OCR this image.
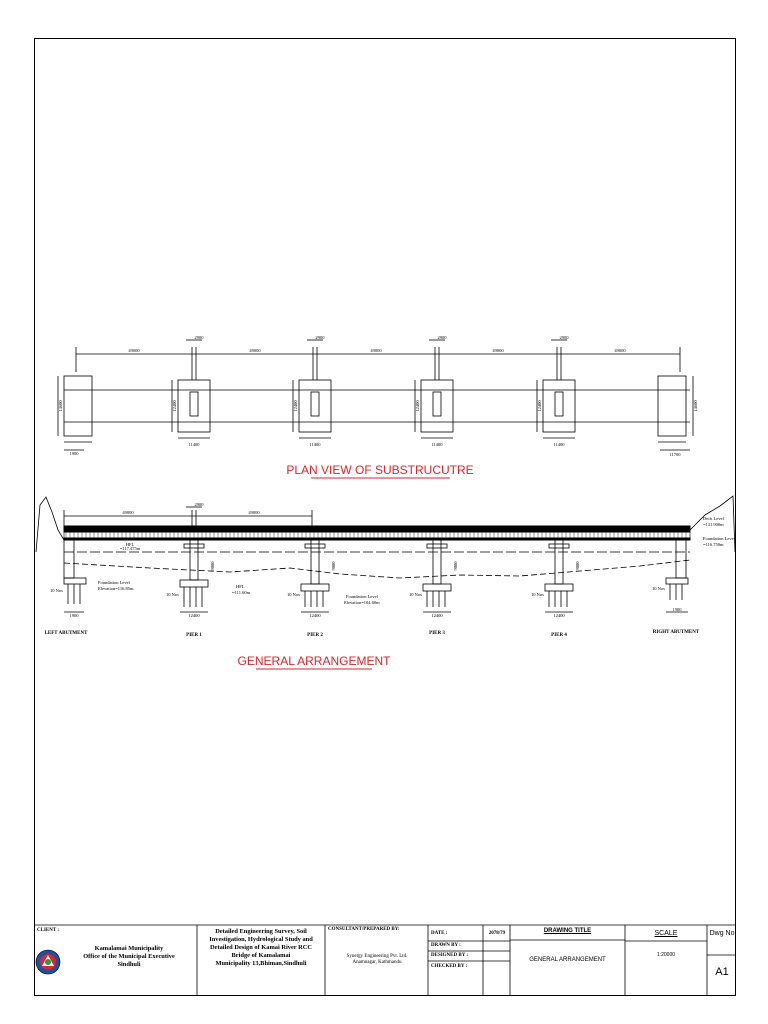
49000	49000	49000	49000	49000
2900	2900	2900	2900
14600	12400	12400	12400	12400	14600
11400	11400	11400	11400
1900	11700
PLAN VIEW OF SUBSTRUCUTRE
49000	49000
2900
HFL
=117.475m
Foundation Level
Elevation=116.85m	HFL
=111.60m
Foundation Level
Elevation=104.60m
Deck Level
=131.900m
Foundation Level
=116.750m
1900
1900
12400	12400	12400	12400
9000	9000	9000	9000
10 Nos
10 Nos	10 Nos	10 Nos	10 Nos
10 Nos
LEFT ABUTMENT	PIER 1	PIER 2	PIER 3	PIER 4
RIGHT ABUTMENT
GENERAL ARRANGEMENT
CLIENT :
Kamalamai Municipality
Office of the Municipal Executive
Sindhuli
Detailed Engineering Survey, Soil
Investigation, Hydrological Study and
Detailed Design of Kamai River RCC
Bridge of Kamalamai
Municipality 13,Bhiman,Sindhuli
CONSULTANT/PREPARED BY:
Synergy Engineering Pvt. Ltd.
Anamnagar, Kathmandu
DATE :	2078/79
DRAWN BY :
DESIGNED BY :
CHECKED BY :
DRAWING TITLE
GENERAL ARRANGEMENT
SCALE
1:20000
Dwg No.
A1
